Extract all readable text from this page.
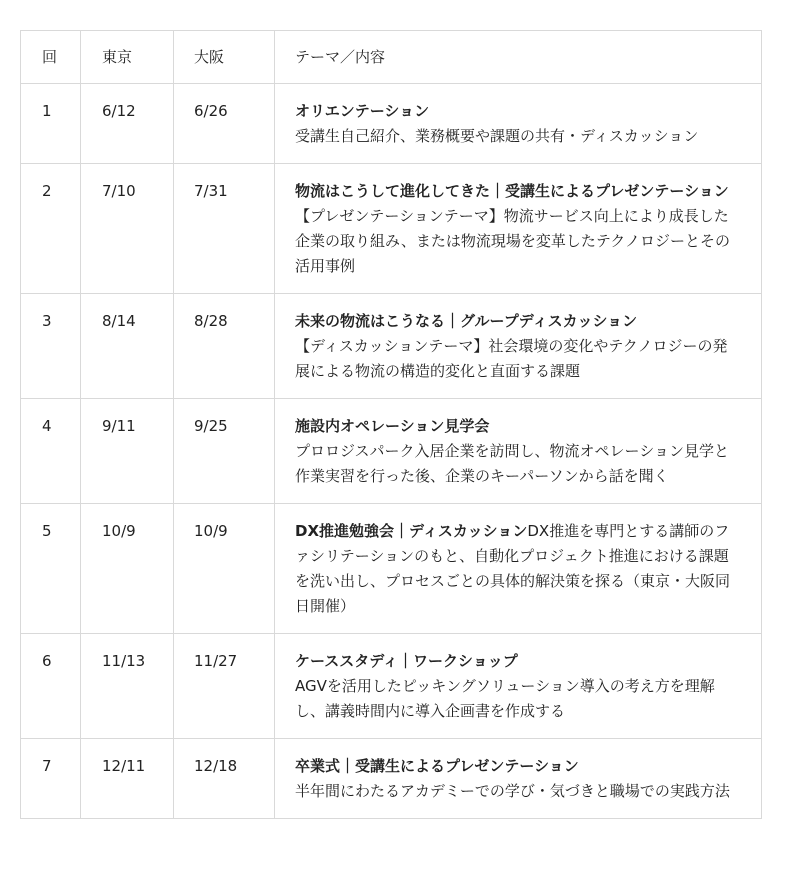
回	東京	大阪	テーマ／内容
1	6/12	6/26	オリエンテーション
受講生自己紹介、業務概要や課題の共有・ディスカッション
2	7/10	7/31	物流はこうして進化してきた｜受講生によるプレゼンテーション【プレゼンテーションテーマ】物流サービス向上により成長した企業の取り組み、または物流現場を変革したテクノロジーとその活用事例
3	8/14	8/28	未来の物流はこうなる｜グループディスカッション
【ディスカッションテーマ】社会環境の変化やテクノロジーの発展による物流の構造的変化と直面する課題
4	9/11	9/25	施設内オペレーション見学会
プロロジスパーク入居企業を訪問し、物流オペレーション見学と作業実習を行った後、企業のキーパーソンから話を聞く
5	10/9	10/9	DX推進勉強会｜ディスカッションDX推進を専門とする講師のファシリテーションのもと、自動化プロジェクト推進における課題を洗い出し、プロセスごとの具体的解決策を探る（東京・大阪同日開催）
6	11/13	11/27	ケーススタディ｜ワークショップ
AGVを活用したピッキングソリューション導入の考え方を理解し、講義時間内に導入企画書を作成する
7	12/11	12/18	卒業式｜受講生によるプレゼンテーション
半年間にわたるアカデミーでの学び・気づきと職場での実践方法
